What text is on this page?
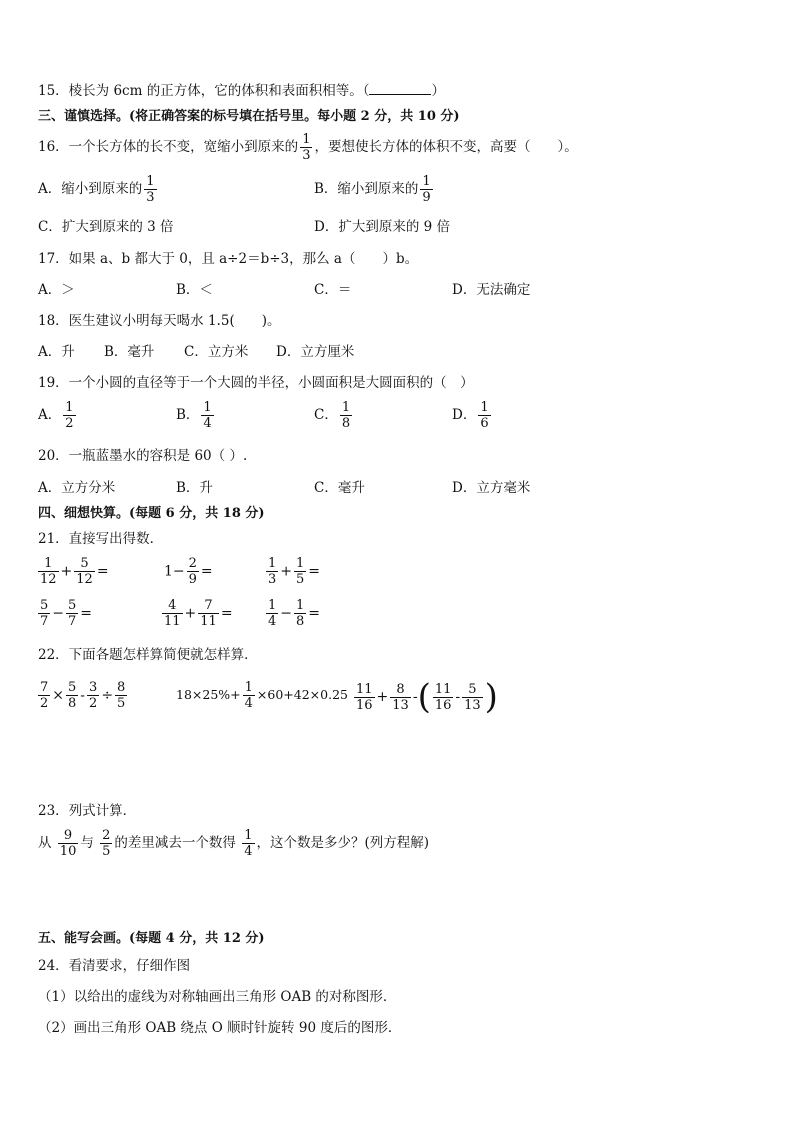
15．棱长为 6cm 的正方体，它的体积和表面积相等。（	）
三、谨慎选择。(将正确答案的标号填在括号里。每小题 2 分，共 10 分)
16．一个长方体的长不变，宽缩小到原来的 $\frac{1}{3}$ ，要想使长方体的体积不变，高要（　　）。
A．缩小到原来的 $\frac{1}{3}$	B．缩小到原来的 $\frac{1}{9}$
C．扩大到原来的 3 倍	D．扩大到原来的 9 倍
17．如果 a、b 都大于 0，且 a÷2＝b÷3，那么 a（　　）b。
A．＞	B．＜	C．＝	D．无法确定
18．医生建议小明每天喝水 1.5(　　)。
A．升 B．毫升 C．立方米 D．立方厘米
19．一个小圆的直径等于一个大圆的半径，小圆面积是大圆面积的（　）
A． $\frac{1}{2}$	B． $\frac{1}{4}$	C． $\frac{1}{8}$	D． $\frac{1}{6}$
20．一瓶蓝墨水的容积是 60（ ）.
A．立方分米	B．升	C．毫升	D．立方毫米
四、细想快算。(每题 6 分，共 18 分)
21．直接写出得数．
$\frac{1}{12} + \frac{5}{12}$ =	$1- \frac{2}{9}$ =	$\frac{1}{3} + \frac{1}{5}$ =
$\frac{5}{7} - \frac{5}{7}$ =	$\frac{4}{11} + \frac{7}{11}$ =	$\frac{1}{4} - \frac{1}{8}$ =
22．下面各题怎样算简便就怎样算．
$\frac{7}{2} \times \frac{5}{8} - \frac{3}{2} \div \frac{8}{5}$	$18\times 25\%+ \frac{1}{4} \times 60+42\times 0.25 \frac{11}{16} + \frac{8}{13}$ -( $\frac{11}{16} - \frac{5}{13}$ )
23．列式计算．
从 $\frac{9}{10}$ 与 $\frac{2}{5}$ 的差里减去一个数得 $\frac{1}{4}$ ，这个数是多少？(列方程解)
五、能写会画。(每题 4 分，共 12 分)
24．看清要求，仔细作图
（1）以给出的虚线为对称轴画出三角形 OAB 的对称图形．
（2）画出三角形 OAB 绕点 O 顺时针旋转 90 度后的图形．
